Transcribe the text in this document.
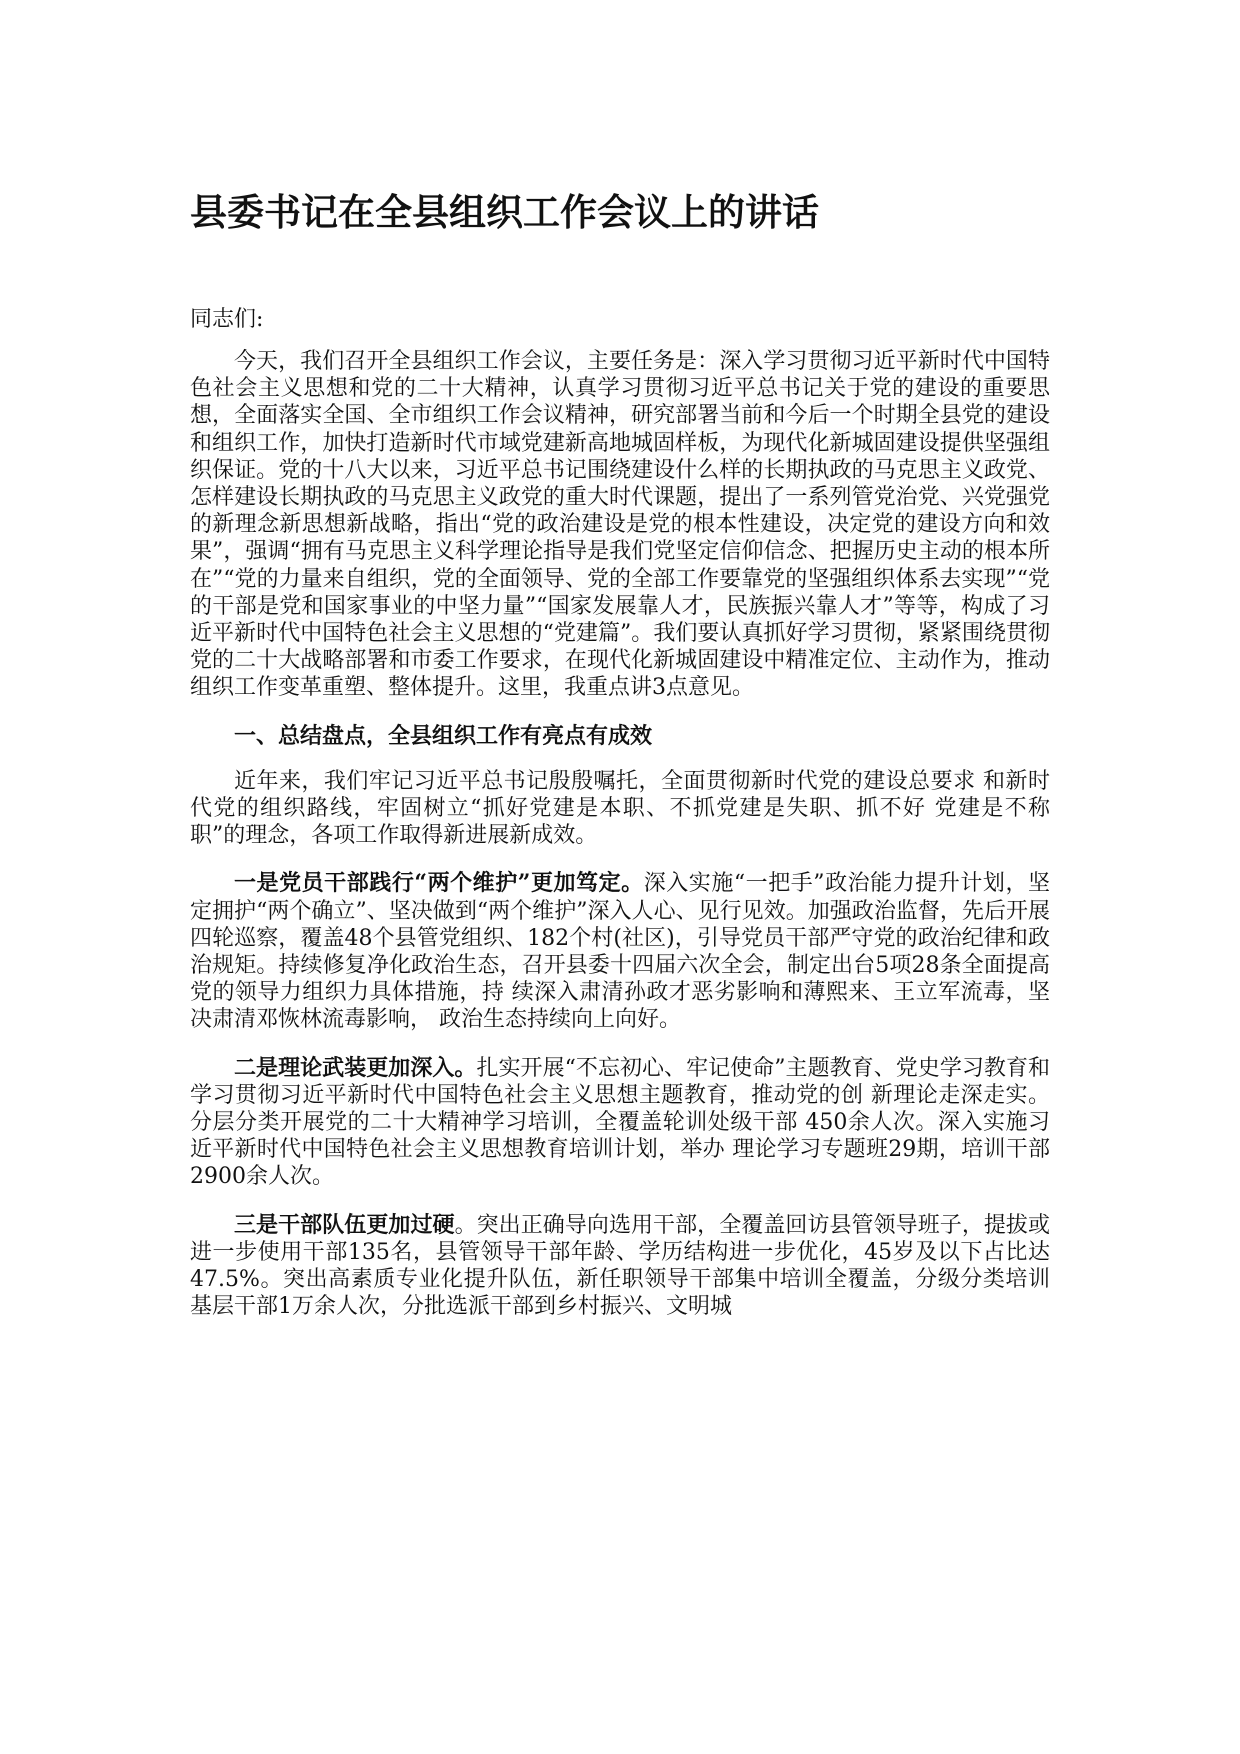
县委书记在全县组织工作会议上的讲话

同志们:

今天，我们召开全县组织工作会议，主要任务是：深入学习贯彻习近平新时代中国特色社会主义思想和党的二十大精神，认真学习贯彻习近平总书记关于党的建设的重要思想，全面落实全国、全市组织工作会议精神，研究部署当前和今后一个时期全县党的建设和组织工作，加快打造新时代市域党建新高地城固样板，为现代化新城固建设提供坚强组织保证。党的十八大以来，习近平总书记围绕建设什么样的长期执政的马克思主义政党、怎样建设长期执政的马克思主义政党的重大时代课题，提出了一系列管党治党、兴党强党的新理念新思想新战略，指出“党的政治建设是党的根本性建设，决定党的建设方向和效果”，强调“拥有马克思主义科学理论指导是我们党坚定信仰信念、把握历史主动的根本所在”“党的力量来自组织，党的全面领导、党的全部工作要靠党的坚强组织体系去实现”“党的干部是党和国家事业的中坚力量”“国家发展靠人才，民族振兴靠人才”等等，构成了习近平新时代中国特色社会主义思想的“党建篇”。我们要认真抓好学习贯彻，紧紧围绕贯彻党的二十大战略部署和市委工作要求，在现代化新城固建设中精准定位、主动作为，推动组织工作变革重塑、整体提升。这里，我重点讲3点意见。

一、总结盘点，全县组织工作有亮点有成效

近年来，我们牢记习近平总书记殷殷嘱托，全面贯彻新时代党的建设总要求 和新时代党的组织路线，牢固树立“抓好党建是本职、不抓党建是失职、抓不好 党建是不称职”的理念，各项工作取得新进展新成效。

一是党员干部践行“两个维护”更加笃定。深入实施“一把手”政治能力提升计划，坚定拥护“两个确立”、坚决做到“两个维护”深入人心、见行见效。加强政治监督，先后开展四轮巡察，覆盖48个县管党组织、182个村(社区)，引导党员干部严守党的政治纪律和政治规矩。持续修复净化政治生态，召开县委十四届六次全会，制定出台5项28条全面提高党的领导力组织力具体措施，持 续深入肃清孙政才恶劣影响和薄熙来、王立军流毒，坚决肃清邓恢林流毒影响， 政治生态持续向上向好。

二是理论武装更加深入。扎实开展“不忘初心、牢记使命”主题教育、党史学习教育和学习贯彻习近平新时代中国特色社会主义思想主题教育，推动党的创 新理论走深走实。分层分类开展党的二十大精神学习培训，全覆盖轮训处级干部 450余人次。深入实施习近平新时代中国特色社会主义思想教育培训计划，举办 理论学习专题班29期，培训干部2900余人次。

三是干部队伍更加过硬。突出正确导向选用干部，全覆盖回访县管领导班子，提拔或进一步使用干部135名，县管领导干部年龄、学历结构进一步优化，45岁及以下占比达47.5%。突出高素质专业化提升队伍，新任职领导干部集中培训全覆盖，分级分类培训基层干部1万余人次，分批选派干部到乡村振兴、文明城
